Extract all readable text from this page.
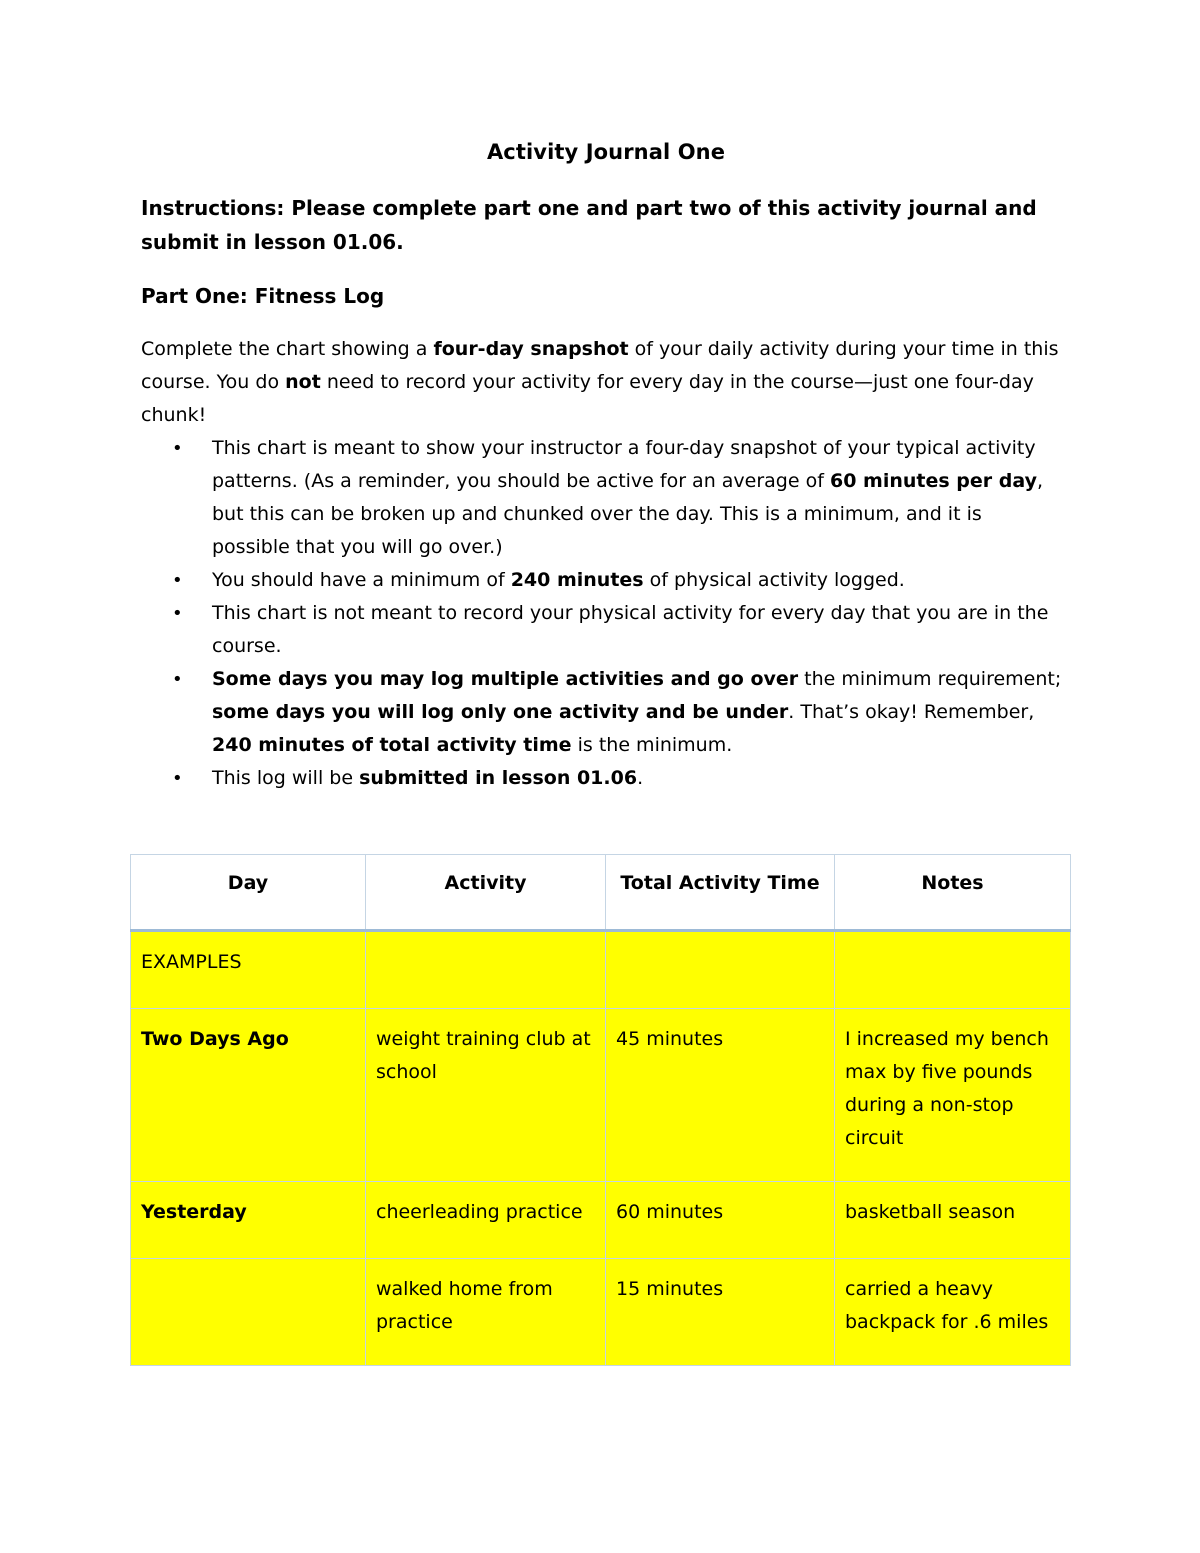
Activity Journal One

Instructions: Please complete part one and part two of this activity journal and submit in lesson 01.06.

Part One: Fitness Log

Complete the chart showing a four-day snapshot of your daily activity during your time in this course. You do not need to record your activity for every day in the course—just one four-day chunk!

• This chart is meant to show your instructor a four-day snapshot of your typical activity patterns. (As a reminder, you should be active for an average of 60 minutes per day, but this can be broken up and chunked over the day. This is a minimum, and it is possible that you will go over.)
• You should have a minimum of 240 minutes of physical activity logged.
• This chart is not meant to record your physical activity for every day that you are in the course.
• Some days you may log multiple activities and go over the minimum requirement; some days you will log only one activity and be under. That’s okay! Remember, 240 minutes of total activity time is the minimum.
• This log will be submitted in lesson 01.06.
Day	Activity	Total Activity Time	Notes
EXAMPLES			
Two Days Ago	weight training club at school	45 minutes	I increased my bench max by five pounds during a non-stop circuit
Yesterday	cheerleading practice	60 minutes	basketball season
	walked home from practice	15 minutes	carried a heavy backpack for .6 miles
